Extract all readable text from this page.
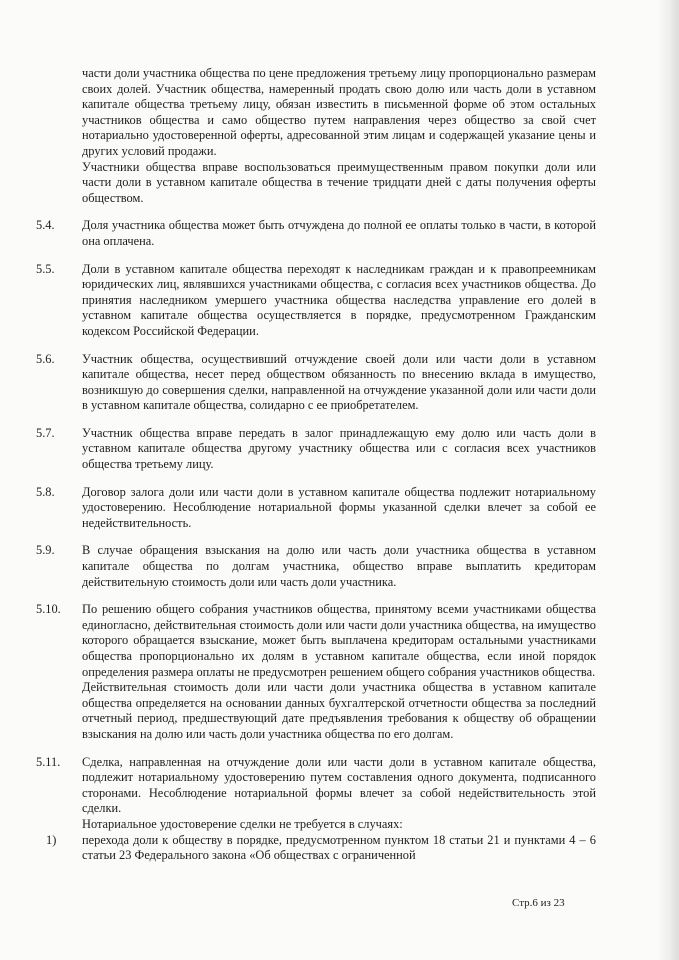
части доли участника общества по цене предложения третьему лицу пропорционально размерам своих долей. Участник общества, намеренный продать свою долю или часть доли в уставном капитале общества третьему лицу, обязан известить в письменной форме об этом остальных участников общества и само общество путем направления через общество за свой счет нотариально удостоверенной оферты, адресованной этим лицам и содержащей указание цены и других условий продажи.

Участники общества вправе воспользоваться преимущественным правом покупки доли или части доли в уставном капитале общества в течение тридцати дней с даты получения оферты обществом.

5.4. Доля участника общества может быть отчуждена до полной ее оплаты только в части, в которой она оплачена.

5.5. Доли в уставном капитале общества переходят к наследникам граждан и к правопреемникам юридических лиц, являвшихся участниками общества, с согласия всех участников общества. До принятия наследником умершего участника общества наследства управление его долей в уставном капитале общества осуществляется в порядке, предусмотренном Гражданским кодексом Российской Федерации.

5.6. Участник общества, осуществивший отчуждение своей доли или части доли в уставном капитале общества, несет перед обществом обязанность по внесению вклада в имущество, возникшую до совершения сделки, направленной на отчуждение указанной доли или части доли в уставном капитале общества, солидарно с ее приобретателем.

5.7. Участник общества вправе передать в залог принадлежащую ему долю или часть доли в уставном капитале общества другому участнику общества или с согласия всех участников общества третьему лицу.

5.8. Договор залога доли или части доли в уставном капитале общества подлежит нотариальному удостоверению. Несоблюдение нотариальной формы указанной сделки влечет за собой ее недействительность.

5.9. В случае обращения взыскания на долю или часть доли участника общества в уставном капитале общества по долгам участника, общество вправе выплатить кредиторам действительную стоимость доли или часть доли участника.

5.10. По решению общего собрания участников общества, принятому всеми участниками общества единогласно, действительная стоимость доли или части доли участника общества, на имущество которого обращается взыскание, может быть выплачена кредиторам остальными участниками общества пропорционально их долям в уставном капитале общества, если иной порядок определения размера оплаты не предусмотрен решением общего собрания участников общества.

Действительная стоимость доли или части доли участника общества в уставном капитале общества определяется на основании данных бухгалтерской отчетности общества за последний отчетный период, предшествующий дате предъявления требования к обществу об обращении взыскания на долю или часть доли участника общества по его долгам.

5.11. Сделка, направленная на отчуждение доли или части доли в уставном капитале общества, подлежит нотариальному удостоверению путем составления одного документа, подписанного сторонами. Несоблюдение нотариальной формы влечет за собой недействительность этой сделки.

Нотариальное удостоверение сделки не требуется в случаях:

1) перехода доли к обществу в порядке, предусмотренном пунктом 18 статьи 21 и пунктами 4 – 6 статьи 23 Федерального закона «Об обществах с ограниченной

Стр.6 из 23
